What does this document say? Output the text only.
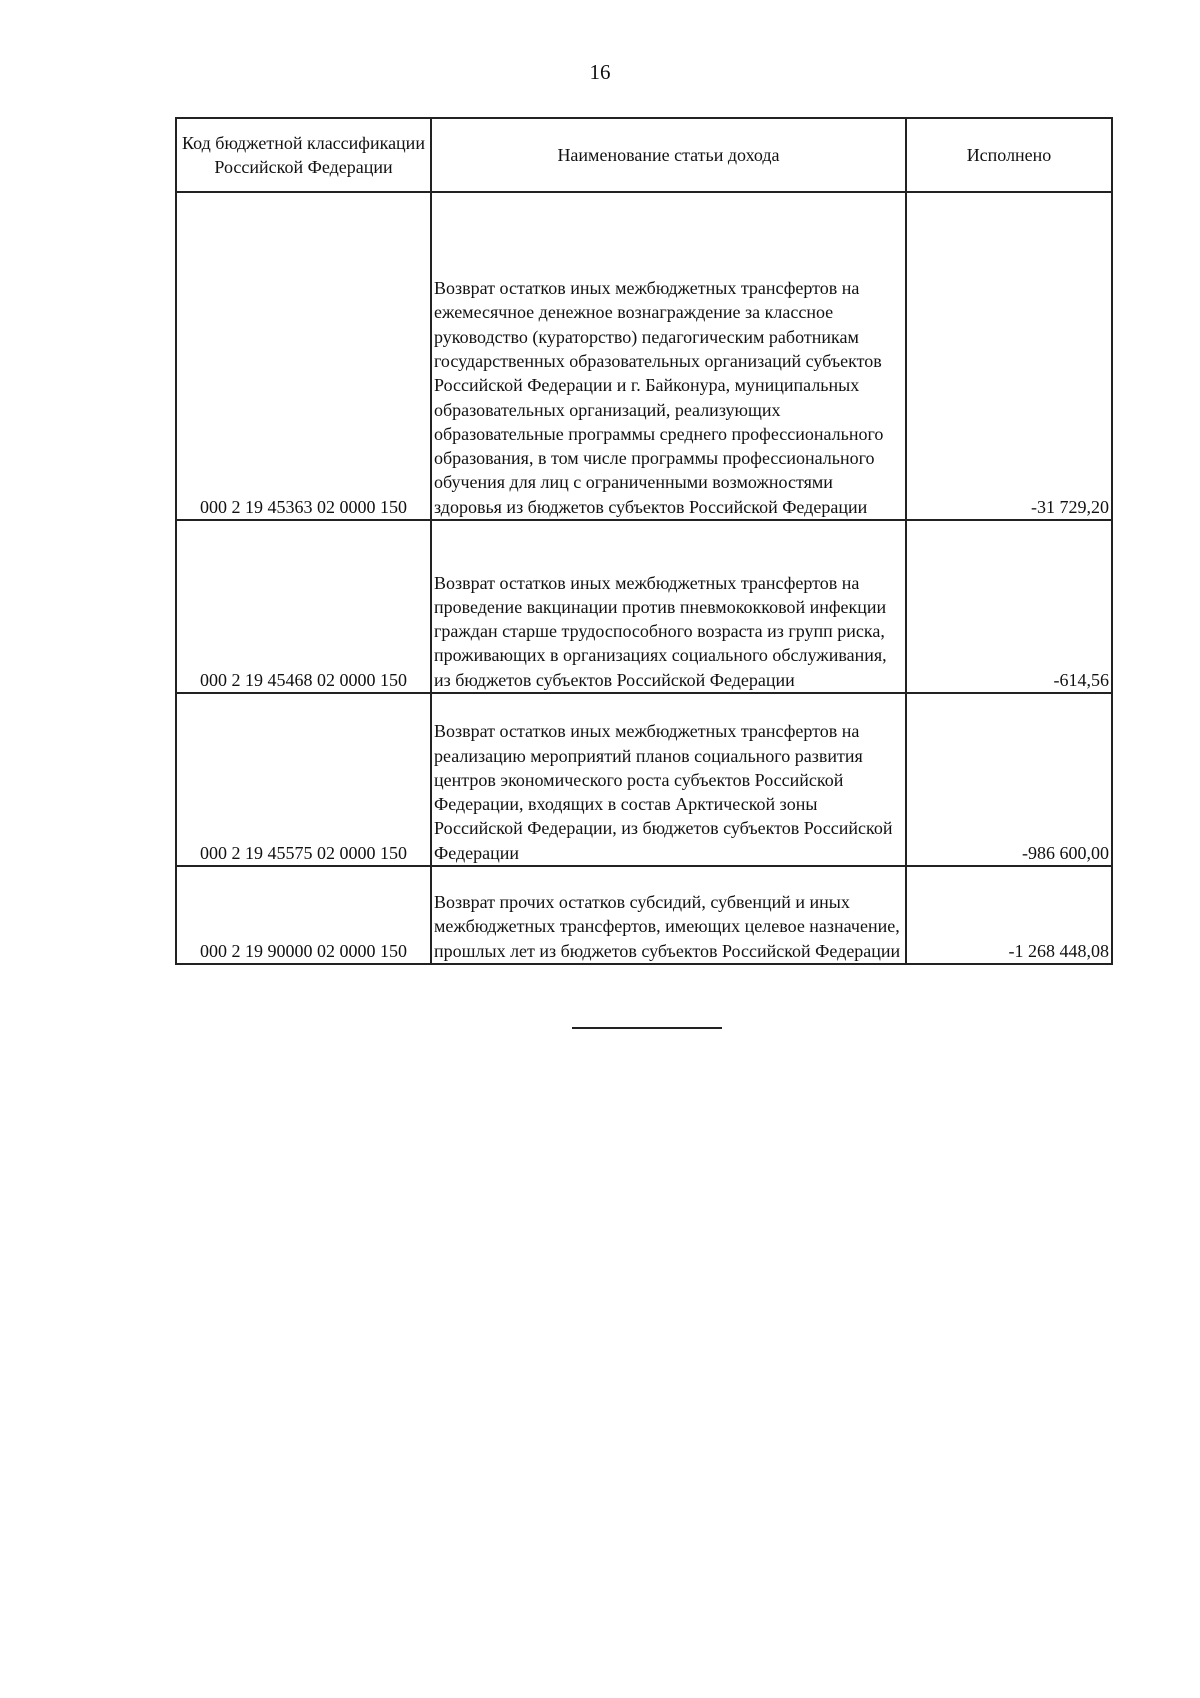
16
Код бюджетной классификации Российской Федерации	Наименование статьи дохода	Исполнено
000 2 19 45363 02 0000 150	Возврат остатков иных межбюджетных трансфертов на ежемесячное денежное вознаграждение за классное руководство (кураторство) педагогическим работникам государственных образовательных организаций субъектов Российской Федерации и г. Байконура, муниципальных образовательных организаций, реализующих образовательные программы среднего профессионального образования, в том числе программы профессионального обучения для лиц с ограниченными возможностями здоровья из бюджетов субъектов Российской Федерации	-31 729,20
000 2 19 45468 02 0000 150	Возврат остатков иных межбюджетных трансфертов на проведение вакцинации против пневмококковой инфекции граждан старше трудоспособного возраста из групп риска, проживающих в организациях социального обслуживания, из бюджетов субъектов Российской Федерации	-614,56
000 2 19 45575 02 0000 150	Возврат остатков иных межбюджетных трансфертов на реализацию мероприятий планов социального развития центров экономического роста субъектов Российской Федерации, входящих в состав Арктической зоны Российской Федерации, из бюджетов субъектов Российской Федерации	-986 600,00
000 2 19 90000 02 0000 150	Возврат прочих остатков субсидий, субвенций и иных межбюджетных трансфертов, имеющих целевое назначение, прошлых лет из бюджетов субъектов Российской Федерации	-1 268 448,08
